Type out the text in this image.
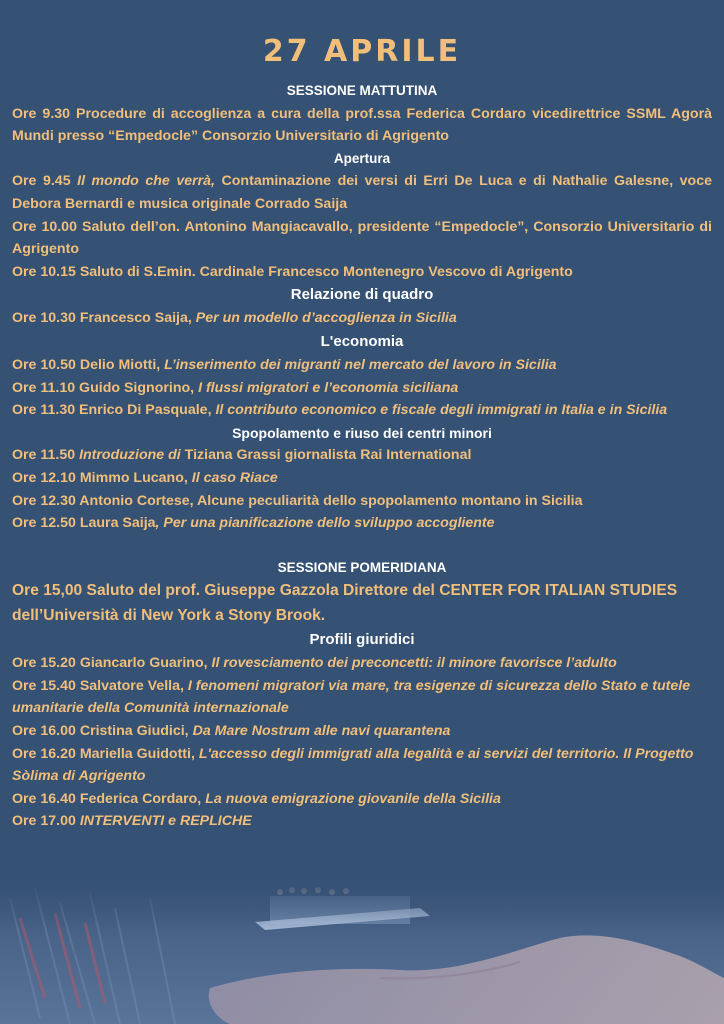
27 APRILE

SESSIONE MATTUTINA

Ore 9.30 Procedure di accoglienza a cura della prof.ssa Federica Cordaro vicedirettrice SSML Agorà Mundi presso “Empedocle” Consorzio Universitario di Agrigento

Apertura

Ore 9.45 Il mondo che verrà, Contaminazione dei versi di Erri De Luca e di Nathalie Galesne, voce Debora Bernardi e musica originale Corrado Saija

Ore 10.00 Saluto dell’on. Antonino Mangiacavallo, presidente “Empedocle”, Consorzio Universitario di Agrigento

Ore 10.15 Saluto di S.Emin. Cardinale Francesco Montenegro Vescovo di Agrigento

Relazione di quadro

Ore 10.30 Francesco Saija, Per un modello d’accoglienza in Sicilia

L'economia

Ore 10.50 Delio Miotti, L’inserimento dei migranti nel mercato del lavoro in Sicilia

Ore 11.10 Guido Signorino, I flussi migratori e l’economia siciliana

Ore 11.30 Enrico Di Pasquale, Il contributo economico e fiscale degli immigrati in Italia e in Sicilia

Spopolamento e riuso dei centri minori

Ore 11.50 Introduzione di Tiziana Grassi giornalista Rai International

Ore 12.10 Mimmo Lucano, Il caso Riace

Ore 12.30 Antonio Cortese, Alcune peculiarità dello spopolamento montano in Sicilia

Ore 12.50 Laura Saija, Per una pianificazione dello sviluppo accogliente

SESSIONE POMERIDIANA

Ore 15,00 Saluto del prof. Giuseppe Gazzola Direttore del CENTER FOR ITALIAN STUDIES dell’Università di New York a Stony Brook.

Profili giuridici

Ore 15.20 Giancarlo Guarino, Il rovesciamento dei preconcetti: il minore favorisce l’adulto

Ore 15.40 Salvatore Vella, I fenomeni migratori via mare, tra esigenze di sicurezza dello Stato e tutele umanitarie della Comunità internazionale

Ore 16.00 Cristina Giudici, Da Mare Nostrum alle navi quarantena

Ore 16.20 Mariella Guidotti, L'accesso degli immigrati alla legalità e ai servizi del territorio. Il Progetto Sòlima di Agrigento

Ore 16.40 Federica Cordaro, La nuova emigrazione giovanile della Sicilia

Ore 17.00 INTERVENTI e REPLICHE
